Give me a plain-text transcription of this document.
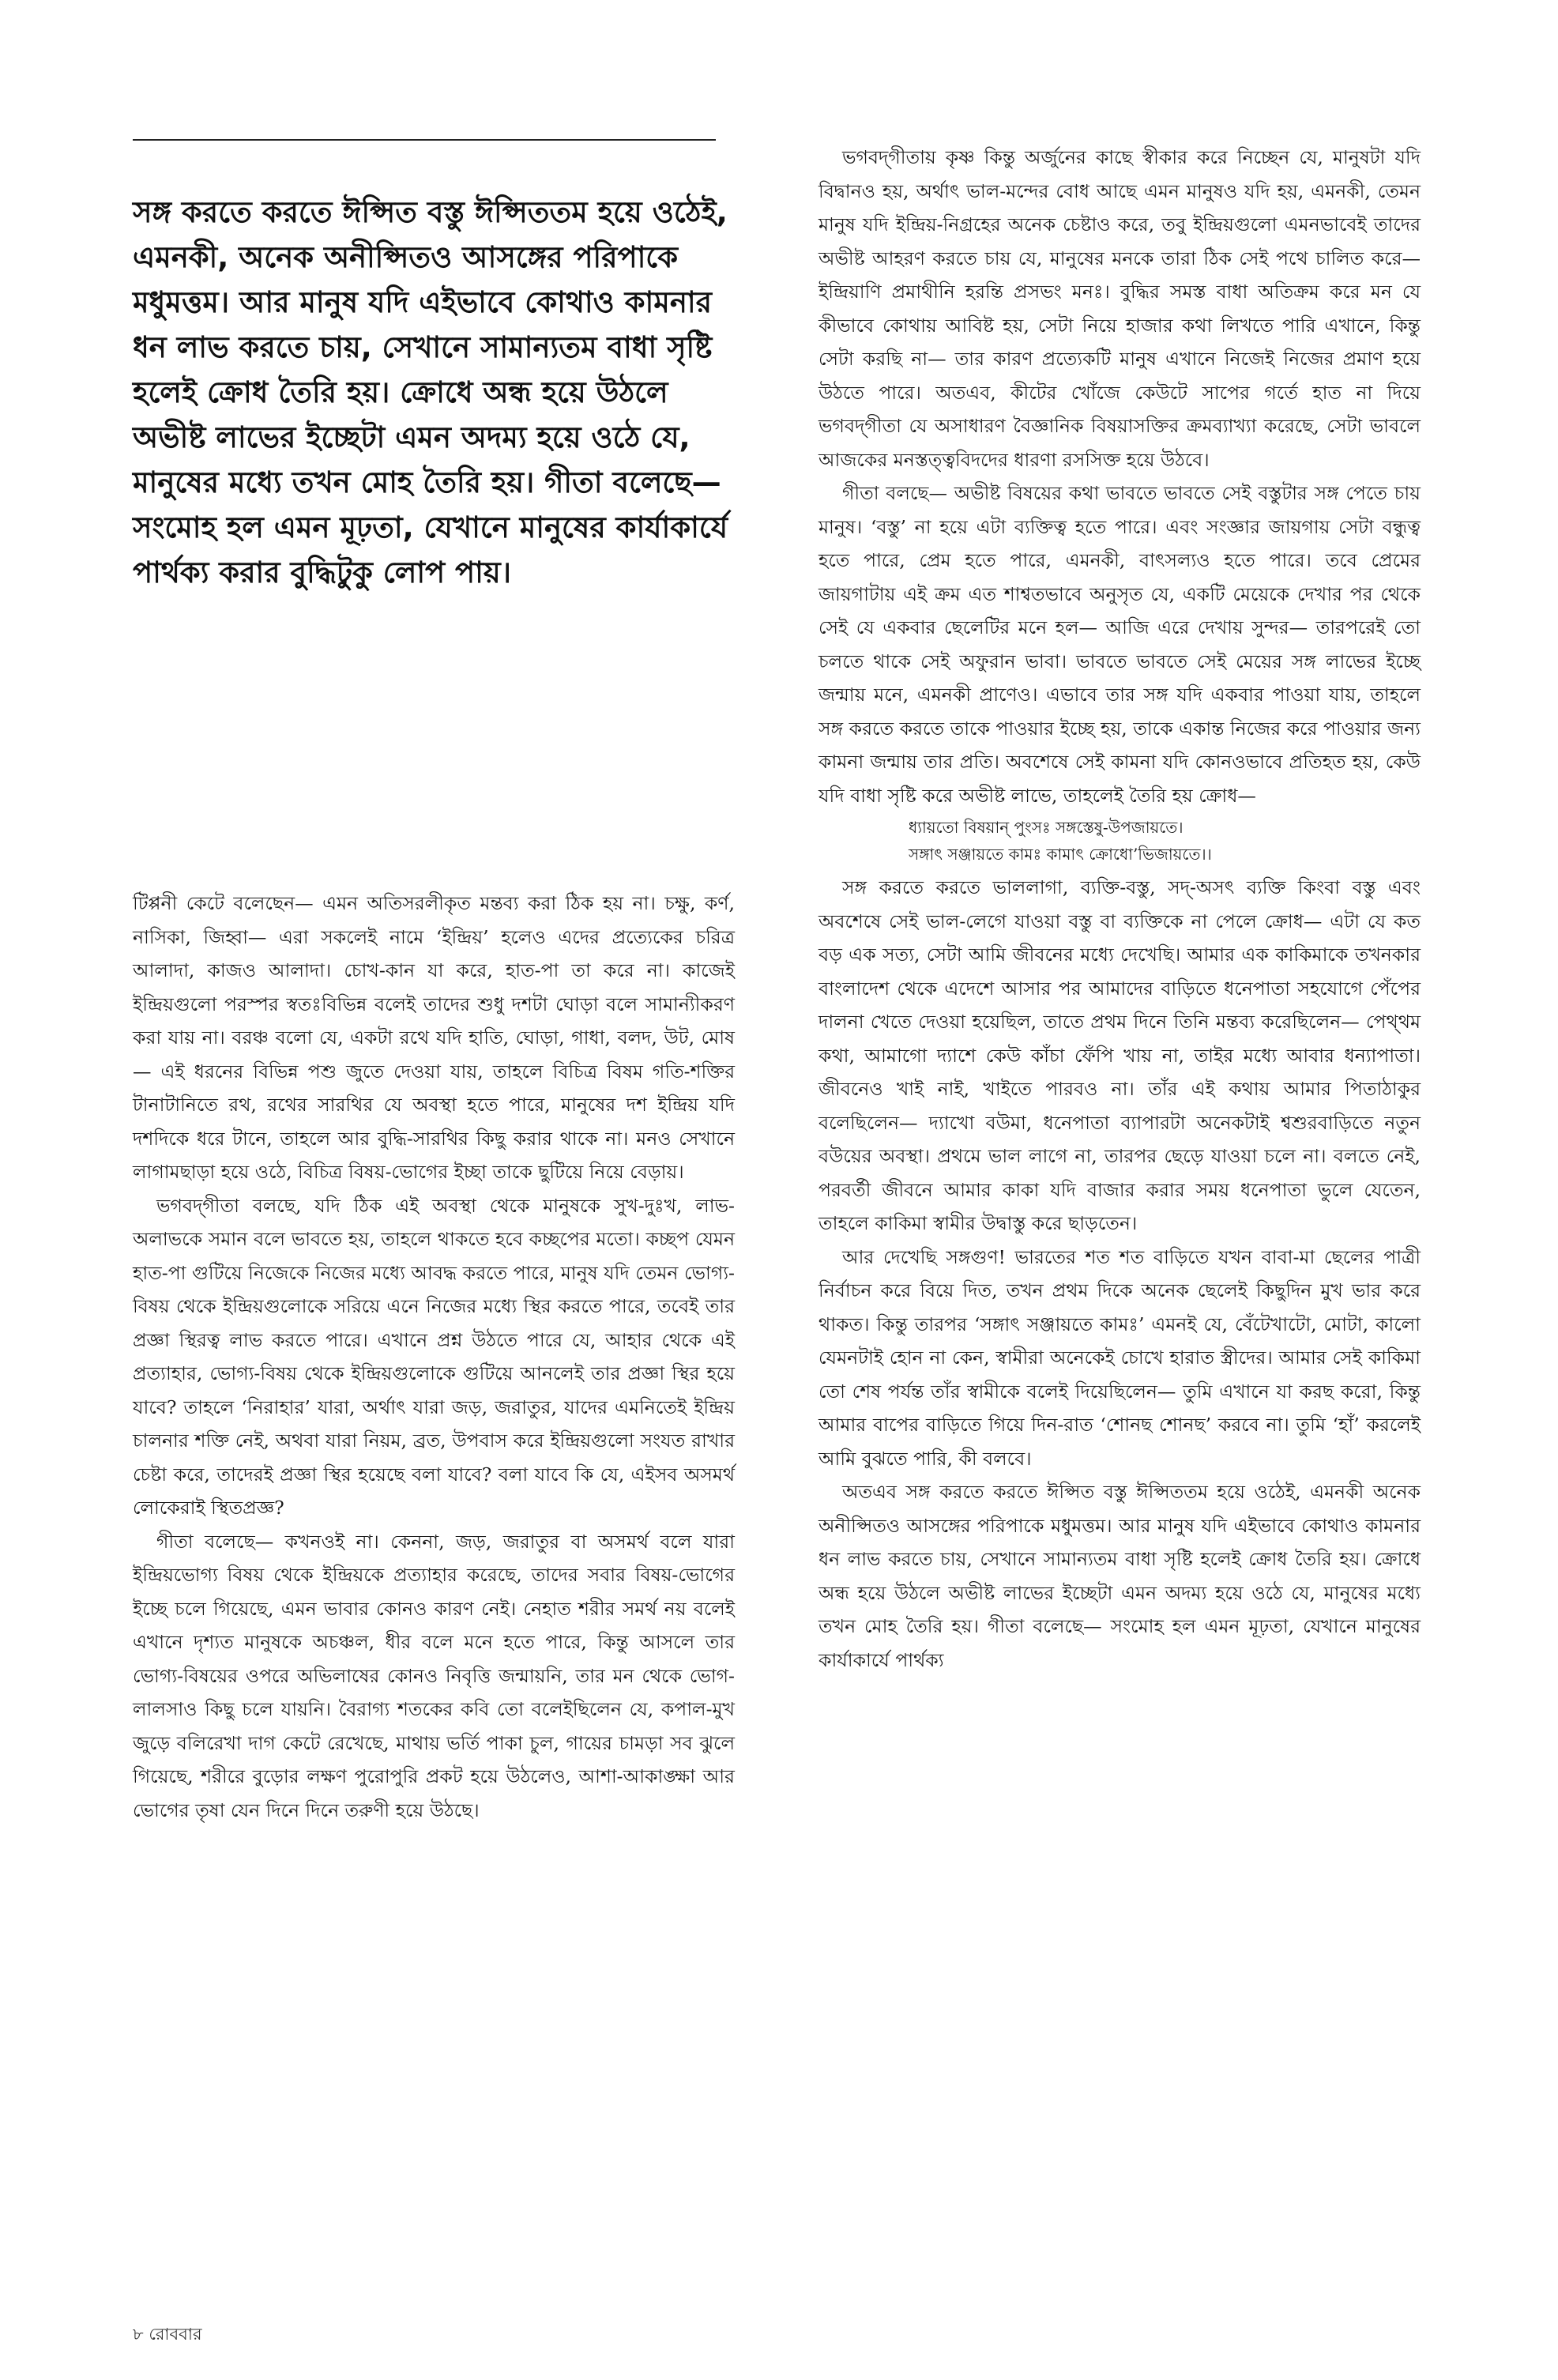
সঙ্গ করতে করতে ঈপ্সিত বস্তু ঈপ্সিততম হয়ে ওঠেই, এমনকী, অনেক অনীপ্সিতও আসঙ্গের পরিপাকে মধুমত্তম। আর মানুষ যদি এইভাবে কোথাও কামনার ধন লাভ করতে চায়, সেখানে সামান্যতম বাধা সৃষ্টি হলেই ক্রোধ তৈরি হয়। ক্রোধে অন্ধ হয়ে উঠলে অভীষ্ট লাভের ইচ্ছেটা এমন অদম্য হয়ে ওঠে যে, মানুষের মধ্যে তখন মোহ তৈরি হয়। গীতা বলেছে— সংমোহ হল এমন মূঢ়তা, যেখানে মানুষের কার্যাকার্যে পার্থক্য করার বুদ্ধিটুকু লোপ পায়।

টিপ্পনী কেটে বলেছেন— এমন অতিসরলীকৃত মন্তব্য করা ঠিক হয় না। চক্ষু, কর্ণ, নাসিকা, জিহ্বা— এরা সকলেই নামে ‘ইন্দ্রিয়’ হলেও এদের প্রত্যেকের চরিত্র আলাদা, কাজও আলাদা। চোখ-কান যা করে, হাত-পা তা করে না। কাজেই ইন্দ্রিয়গুলো পরস্পর স্বতঃবিভিন্ন বলেই তাদের শুধু দশটা ঘোড়া বলে সামান্যীকরণ করা যায় না। বরঞ্চ বলো যে, একটা রথে যদি হাতি, ঘোড়া, গাধা, বলদ, উট, মোষ— এই ধরনের বিভিন্ন পশু জুতে দেওয়া যায়, তাহলে বিচিত্র বিষম গতি-শক্তির টানাটানিতে রথ, রথের সারথির যে অবস্থা হতে পারে, মানুষের দশ ইন্দ্রিয় যদি দশদিকে ধরে টানে, তাহলে আর বুদ্ধি-সারথির কিছু করার থাকে না। মনও সেখানে লাগামছাড়া হয়ে ওঠে, বিচিত্র বিষয়-ভোগের ইচ্ছা তাকে ছুটিয়ে নিয়ে বেড়ায়।

ভগবদ্‌গীতা বলছে, যদি ঠিক এই অবস্থা থেকে মানুষকে সুখ-দুঃখ, লাভ-অলাভকে সমান বলে ভাবতে হয়, তাহলে থাকতে হবে কচ্ছপের মতো। কচ্ছপ যেমন হাত-পা গুটিয়ে নিজেকে নিজের মধ্যে আবদ্ধ করতে পারে, মানুষ যদি তেমন ভোগ্য-বিষয় থেকে ইন্দ্রিয়গুলোকে সরিয়ে এনে নিজের মধ্যে স্থির করতে পারে, তবেই তার প্রজ্ঞা স্থিরত্ব লাভ করতে পারে। এখানে প্রশ্ন উঠতে পারে যে, আহার থেকে এই প্রত্যাহার, ভোগ্য-বিষয় থেকে ইন্দ্রিয়গুলোকে গুটিয়ে আনলেই তার প্রজ্ঞা স্থির হয়ে যাবে? তাহলে ‘নিরাহার’ যারা, অর্থাৎ যারা জড়, জরাতুর, যাদের এমনিতেই ইন্দ্রিয় চালনার শক্তি নেই, অথবা যারা নিয়ম, ব্রত, উপবাস করে ইন্দ্রিয়গুলো সংযত রাখার চেষ্টা করে, তাদেরই প্রজ্ঞা স্থির হয়েছে বলা যাবে? বলা যাবে কি যে, এইসব অসমর্থ লোকেরাই স্থিতপ্রজ্ঞ?

গীতা বলেছে— কখনওই না। কেননা, জড়, জরাতুর বা অসমর্থ বলে যারা ইন্দ্রিয়ভোগ্য বিষয় থেকে ইন্দ্রিয়কে প্রত্যাহার করেছে, তাদের সবার বিষয়-ভোগের ইচ্ছে চলে গিয়েছে, এমন ভাবার কোনও কারণ নেই। নেহাত শরীর সমর্থ নয় বলেই এখানে দৃশ্যত মানুষকে অচঞ্চল, ধীর বলে মনে হতে পারে, কিন্তু আসলে তার ভোগ্য-বিষয়ের ওপরে অভিলাষের কোনও নিবৃত্তি জন্মায়নি, তার মন থেকে ভোগ-লালসাও কিছু চলে যায়নি। বৈরাগ্য শতকের কবি তো বলেইছিলেন যে, কপাল-মুখ জুড়ে বলিরেখা দাগ কেটে রেখেছে, মাথায় ভর্তি পাকা চুল, গায়ের চামড়া সব ঝুলে গিয়েছে, শরীরে বুড়োর লক্ষণ পুরোপুরি প্রকট হয়ে উঠলেও, আশা-আকাঙ্ক্ষা আর ভোগের তৃষা যেন দিনে দিনে তরুণী হয়ে উঠছে।

ভগবদ্‌গীতায় কৃষ্ণ কিন্তু অর্জুনের কাছে স্বীকার করে নিচ্ছেন যে, মানুষটা যদি বিদ্বানও হয়, অর্থাৎ ভাল-মন্দের বোধ আছে এমন মানুষও যদি হয়, এমনকী, তেমন মানুষ যদি ইন্দ্রিয়-নিগ্রহের অনেক চেষ্টাও করে, তবু ইন্দ্রিয়গুলো এমনভাবেই তাদের অভীষ্ট আহরণ করতে চায় যে, মানুষের মনকে তারা ঠিক সেই পথে চালিত করে— ইন্দ্রিয়াণি প্রমাথীনি হরন্তি প্রসভং মনঃ। বুদ্ধির সমস্ত বাধা অতিক্রম করে মন যে কীভাবে কোথায় আবিষ্ট হয়, সেটা নিয়ে হাজার কথা লিখতে পারি এখানে, কিন্তু সেটা করছি না— তার কারণ প্রত্যেকটি মানুষ এখানে নিজেই নিজের প্রমাণ হয়ে উঠতে পারে। অতএব, কীটের খোঁজে কেউটে সাপের গর্তে হাত না দিয়ে ভগবদ্‌গীতা যে অসাধারণ বৈজ্ঞানিক বিষয়াসক্তির ক্রমব্যাখ্যা করেছে, সেটা ভাবলে আজকের মনস্তত্ত্ববিদদের ধারণা রসসিক্ত হয়ে উঠবে।

গীতা বলছে— অভীষ্ট বিষয়ের কথা ভাবতে ভাবতে সেই বস্তুটার সঙ্গ পেতে চায় মানুষ। ‘বস্তু’ না হয়ে এটা ব্যক্তিত্ব হতে পারে। এবং সংজ্ঞার জায়গায় সেটা বন্ধুত্ব হতে পারে, প্রেম হতে পারে, এমনকী, বাৎসল্যও হতে পারে। তবে প্রেমের জায়গাটায় এই ক্রম এত শাশ্বতভাবে অনুসৃত যে, একটি মেয়েকে দেখার পর থেকে সেই যে একবার ছেলেটির মনে হল— আজি এরে দেখায় সুন্দর— তারপরেই তো চলতে থাকে সেই অফুরান ভাবা। ভাবতে ভাবতে সেই মেয়ের সঙ্গ লাভের ইচ্ছে জন্মায় মনে, এমনকী প্রাণেও। এভাবে তার সঙ্গ যদি একবার পাওয়া যায়, তাহলে সঙ্গ করতে করতে তাকে পাওয়ার ইচ্ছে হয়, তাকে একান্ত নিজের করে পাওয়ার জন্য কামনা জন্মায় তার প্রতি। অবশেষে সেই কামনা যদি কোনওভাবে প্রতিহত হয়, কেউ যদি বাধা সৃষ্টি করে অভীষ্ট লাভে, তাহলেই তৈরি হয় ক্রোধ—

ধ্যায়তো বিষয়ান্‌ পুংসঃ সঙ্গস্তেষু-উপজায়তে।
সঙ্গাৎ সঞ্জায়তে কামঃ কামাৎ ক্রোধো’ভিজায়তে।।

সঙ্গ করতে করতে ভাললাগা, ব্যক্তি-বস্তু, সদ্‌-অসৎ ব্যক্তি কিংবা বস্তু এবং অবশেষে সেই ভাল-লেগে যাওয়া বস্তু বা ব্যক্তিকে না পেলে ক্রোধ— এটা যে কত বড় এক সত্য, সেটা আমি জীবনের মধ্যে দেখেছি। আমার এক কাকিমাকে তখনকার বাংলাদেশ থেকে এদেশে আসার পর আমাদের বাড়িতে ধনেপাতা সহযোগে পেঁপের দালনা খেতে দেওয়া হয়েছিল, তাতে প্রথম দিনে তিনি মন্তব্য করেছিলেন— পেথ্থম কথা, আমাগো দ্যাশে কেউ কাঁচা ফেঁপি খায় না, তাইর মধ্যে আবার ধন্যাপাতা। জীবনেও খাই নাই, খাইতে পারবও না। তাঁর এই কথায় আমার পিতাঠাকুর বলেছিলেন— দ্যাখো বউমা, ধনেপাতা ব্যাপারটা অনেকটাই শ্বশুরবাড়িতে নতুন বউয়ের অবস্থা। প্রথমে ভাল লাগে না, তারপর ছেড়ে যাওয়া চলে না। বলতে নেই, পরবর্তী জীবনে আমার কাকা যদি বাজার করার সময় ধনেপাতা ভুলে যেতেন, তাহলে কাকিমা স্বামীর উদ্বাস্তু করে ছাড়তেন।

আর দেখেছি সঙ্গগুণ! ভারতের শত শত বাড়িতে যখন বাবা-মা ছেলের পাত্রী নির্বাচন করে বিয়ে দিত, তখন প্রথম দিকে অনেক ছেলেই কিছুদিন মুখ ভার করে থাকত। কিন্তু তারপর ‘সঙ্গাৎ সঞ্জায়তে কামঃ’ এমনই যে, বেঁটেখাটো, মোটা, কালো যেমনটাই হোন না কেন, স্বামীরা অনেকেই চোখে হারাত স্ত্রীদের। আমার সেই কাকিমা তো শেষ পর্যন্ত তাঁর স্বামীকে বলেই দিয়েছিলেন— তুমি এখানে যা করছ করো, কিন্তু আমার বাপের বাড়িতে গিয়ে দিন-রাত ‘শোনছ শোনছ’ করবে না। তুমি ‘হাঁ’ করলেই আমি বুঝতে পারি, কী বলবে।

অতএব সঙ্গ করতে করতে ঈপ্সিত বস্তু ঈপ্সিততম হয়ে ওঠেই, এমনকী অনেক অনীপ্সিতও আসঙ্গের পরিপাকে মধুমত্তম। আর মানুষ যদি এইভাবে কোথাও কামনার ধন লাভ করতে চায়, সেখানে সামান্যতম বাধা সৃষ্টি হলেই ক্রোধ তৈরি হয়। ক্রোধে অন্ধ হয়ে উঠলে অভীষ্ট লাভের ইচ্ছেটা এমন অদম্য হয়ে ওঠে যে, মানুষের মধ্যে তখন মোহ তৈরি হয়। গীতা বলেছে— সংমোহ হল এমন মূঢ়তা, যেখানে মানুষের কার্যাকার্যে পার্থক্য

৮ রোববার
